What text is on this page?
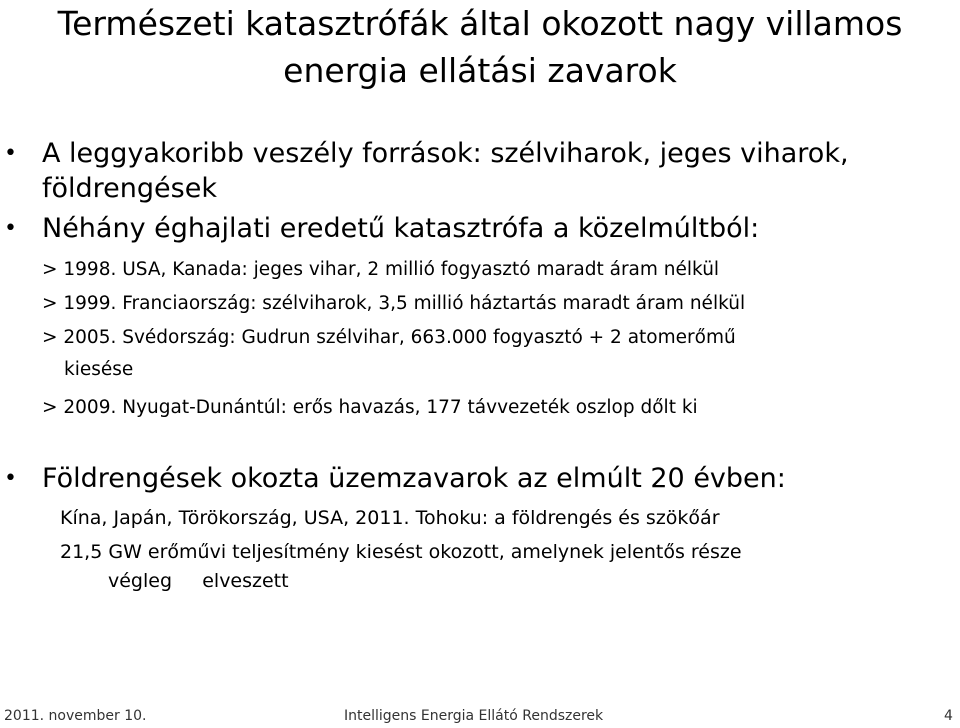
Természeti katasztrófák által okozott nagy villamos
energia ellátási zavarok
• A leggyakoribb veszély források: szélviharok, jeges viharok,
földrengések
• Néhány éghajlati eredetű katasztrófa a közelmúltból:
> 1998. USA, Kanada: jeges vihar, 2 millió fogyasztó maradt áram nélkül
> 1999. Franciaország: szélviharok, 3,5 millió háztartás maradt áram nélkül
> 2005. Svédország: Gudrun szélvihar, 663.000 fogyasztó + 2 atomerőmű
kiesése
> 2009. Nyugat-Dunántúl: erős havazás, 177 távvezeték oszlop dőlt ki
• Földrengések okozta üzemzavarok az elmúlt 20 évben:
Kína, Japán, Törökország, USA, 2011. Tohoku: a földrengés és szökőár
21,5 GW erőművi teljesítmény kiesést okozott, amelynek jelentős része
végleg     elveszett
2011. november 10.	Intelligens Energia Ellátó Rendszerek	4
